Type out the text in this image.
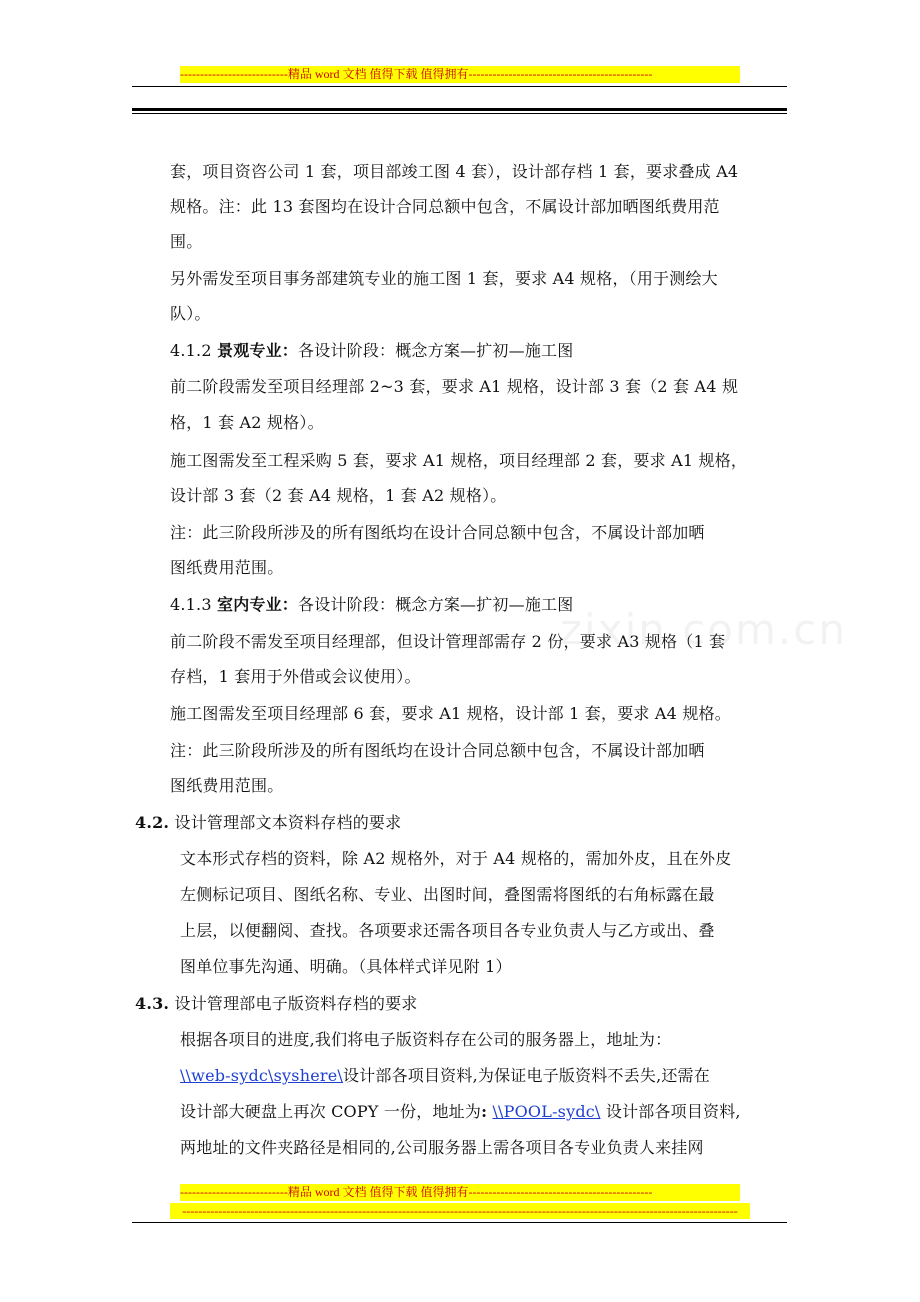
---------------------------精品 word 文档 值得下载 值得拥有----------------------------------------------
zixin.com.cn
套，项目资咨公司 1 套，项目部竣工图 4 套），设计部存档 1 套，要求叠成 A4
规格。注：此 13 套图均在设计合同总额中包含，不属设计部加晒图纸费用范
围。
另外需发至项目事务部建筑专业的施工图 1 套，要求 A4 规格，（用于测绘大
队）。
4.1.2 景观专业：各设计阶段：概念方案—扩初—施工图
前二阶段需发至项目经理部 2~3 套，要求 A1 规格，设计部 3 套（2 套 A4 规
格，1 套 A2 规格）。
施工图需发至工程采购 5 套，要求 A1 规格，项目经理部 2 套，要求 A1 规格，
设计部 3 套（2 套 A4 规格，1 套 A2 规格）。
注：此三阶段所涉及的所有图纸均在设计合同总额中包含，不属设计部加晒
图纸费用范围。
4.1.3 室内专业：各设计阶段：概念方案—扩初—施工图
前二阶段不需发至项目经理部，但设计管理部需存 2 份，要求 A3 规格（1 套
存档，1 套用于外借或会议使用）。
施工图需发至项目经理部 6 套，要求 A1 规格，设计部 1 套，要求 A4 规格。
注：此三阶段所涉及的所有图纸均在设计合同总额中包含，不属设计部加晒
图纸费用范围。
4.2. 设计管理部文本资料存档的要求
文本形式存档的资料，除 A2 规格外，对于 A4 规格的，需加外皮，且在外皮
左侧标记项目、图纸名称、专业、出图时间，叠图需将图纸的右角标露在最
上层，以便翻阅、查找。各项要求还需各项目各专业负责人与乙方或出、叠
图单位事先沟通、明确。（具体样式详见附 1）
4.3. 设计管理部电子版资料存档的要求
根据各项目的进度,我们将电子版资料存在公司的服务器上，地址为：
\\web-sydc\syshere\设计部各项目资料,为保证电子版资料不丢失,还需在
设计部大硬盘上再次 COPY 一份，地址为: \\POOL-sydc\ 设计部各项目资料,
两地址的文件夹路径是相同的,公司服务器上需各项目各专业负责人来挂网
---------------------------精品 word 文档 值得下载 值得拥有----------------------------------------------
-------------------------------------------------------------------------------------------------------------------------------------------
